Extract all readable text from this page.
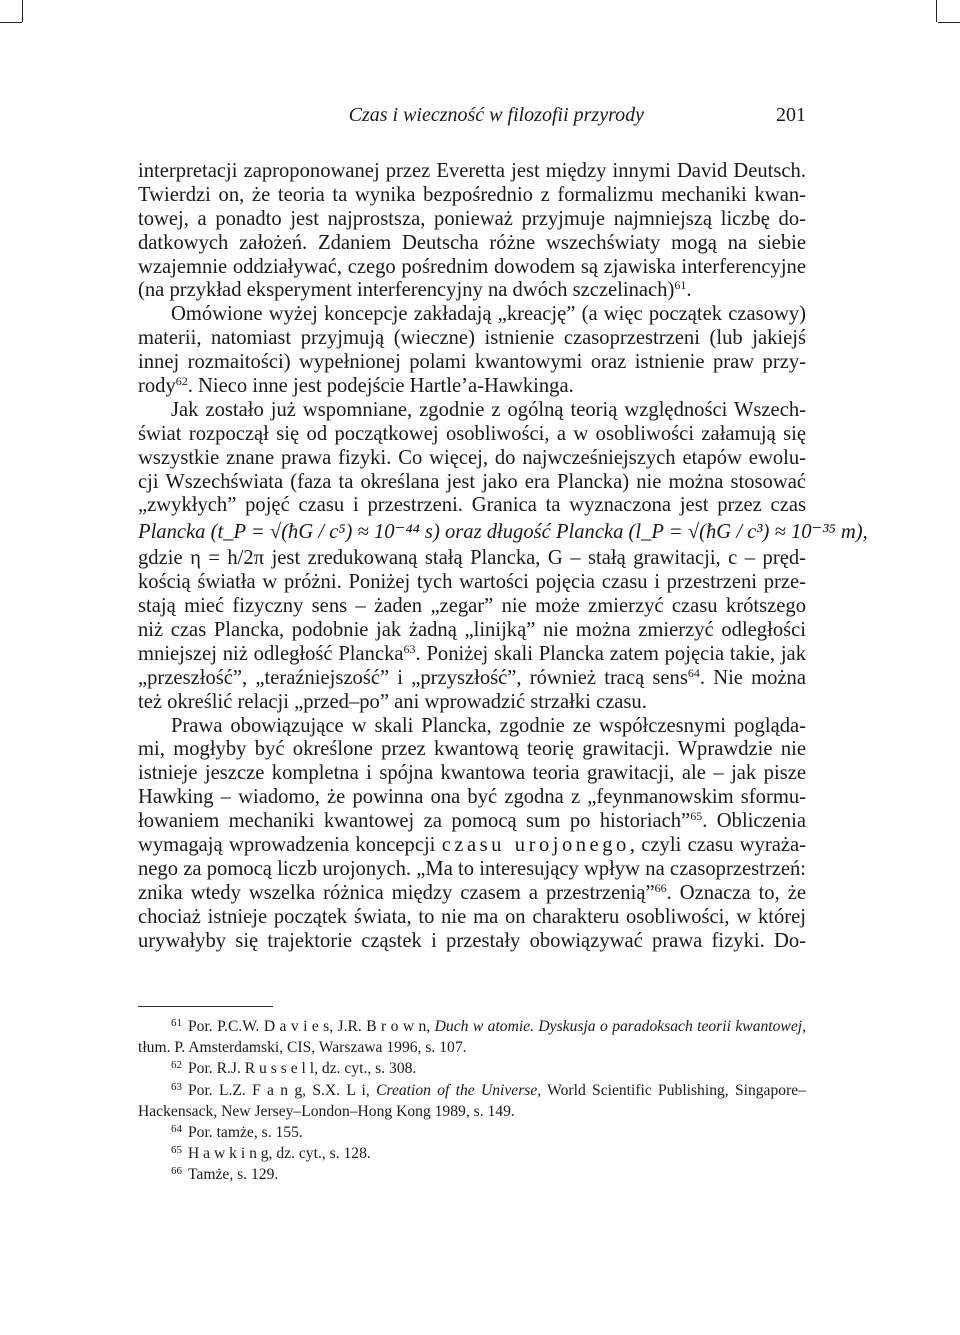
Czas i wieczność w filozofii przyrody	201
interpretacji zaproponowanej przez Everetta jest między innymi David Deutsch.
Twierdzi on, że teoria ta wynika bezpośrednio z formalizmu mechaniki kwan-
towej, a ponadto jest najprostsza, ponieważ przyjmuje najmniejszą liczbę do-
datkowych założeń. Zdaniem Deutscha różne wszechświaty mogą na siebie
wzajemnie oddziaływać, czego pośrednim dowodem są zjawiska interferencyjne
(na przykład eksperyment interferencyjny na dwóch szczelinach)$^{61}$.
Omówione wyżej koncepcje zakładają „kreację” (a więc początek czasowy)
materii, natomiast przyjmują (wieczne) istnienie czasoprzestrzeni (lub jakiejś
innej rozmaitości) wypełnionej polami kwantowymi oraz istnienie praw przy-
rody$^{62}$. Nieco inne jest podejście Hartle’a-Hawkinga.
Jak zostało już wspomniane, zgodnie z ogólną teorią względności Wszech-
świat rozpoczął się od początkowej osobliwości, a w osobliwości załamują się
wszystkie znane prawa fizyki. Co więcej, do najwcześniejszych etapów ewolu-
cji Wszechświata (faza ta określana jest jako era Plancka) nie można stosować
„zwykłych” pojęć czasu i przestrzeni. Granica ta wyznaczona jest przez czas
Plancka (t_P = √(ħG / c⁵) ≈ 10⁻⁴⁴ s) oraz długość Plancka (l_P = √(ħG / c³) ≈ 10⁻³⁵ m),
gdzie η = h/2π jest zredukowaną stałą Plancka, G – stałą grawitacji, c – pręd-
kością światła w próżni. Poniżej tych wartości pojęcia czasu i przestrzeni prze-
stają mieć fizyczny sens – żaden „zegar” nie może zmierzyć czasu krótszego
niż czas Plancka, podobnie jak żadną „linijką” nie można zmierzyć odległości
mniejszej niż odległość Plancka$^{63}$. Poniżej skali Plancka zatem pojęcia takie, jak
„przeszłość”, „teraźniejszość” i „przyszłość”, również tracą sens$^{64}$. Nie można
też określić relacji „przed–po” ani wprowadzić strzałki czasu.
Prawa obowiązujące w skali Plancka, zgodnie ze współczesnymi pogląda-
mi, mogłyby być określone przez kwantową teorię grawitacji. Wprawdzie nie
istnieje jeszcze kompletna i spójna kwantowa teoria grawitacji, ale – jak pisze
Hawking – wiadomo, że powinna ona być zgodna z „feynmanowskim sformu-
łowaniem mechaniki kwantowej za pomocą sum po historiach”$^{65}$. Obliczenia
wymagają wprowadzenia koncepcji czasu urojonego, czyli czasu wyraża-
nego za pomocą liczb urojonych. „Ma to interesujący wpływ na czasoprzestrzeń:
znika wtedy wszelka różnica między czasem a przestrzenią”$^{66}$. Oznacza to, że
chociaż istnieje początek świata, to nie ma on charakteru osobliwości, w której
urywałyby się trajektorie cząstek i przestały obowiązywać prawa fizyki. Do-
$^{61}$ Por. P.C.W. D a v i e s, J.R. B r o w n, Duch w atomie. Dyskusja o paradoksach teorii kwantowej, tłum. P. Amsterdamski, CIS, Warszawa 1996, s. 107.
$^{62}$ Por. R.J. R u s s e l l, dz. cyt., s. 308.
$^{63}$ Por. L.Z. F a n g, S.X. L i, Creation of the Universe, World Scientific Publishing, Singapore–Hackensack, New Jersey–London–Hong Kong 1989, s. 149.
$^{64}$ Por. tamże, s. 155.
$^{65}$ H a w k i n g, dz. cyt., s. 128.
$^{66}$ Tamże, s. 129.
